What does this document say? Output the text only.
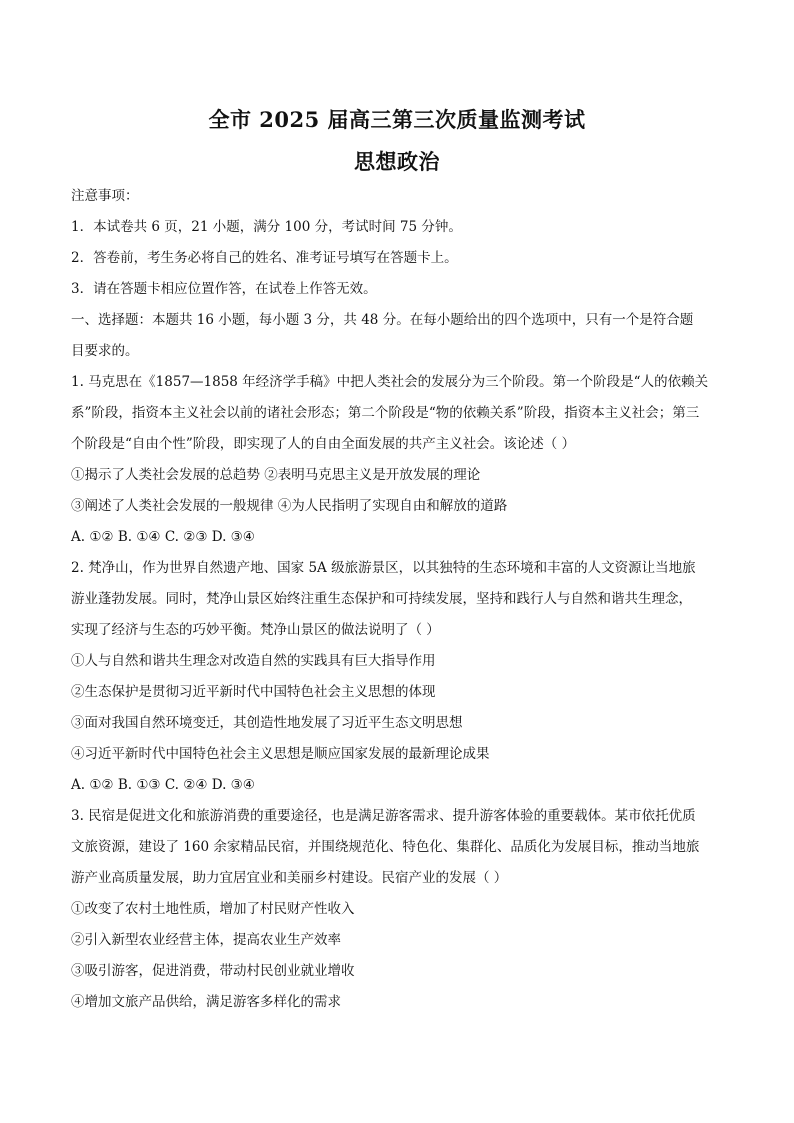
全市 2025 届高三第三次质量监测考试
思想政治
注意事项：
1．本试卷共 6 页，21 小题，满分 100 分，考试时间 75 分钟。
2．答卷前，考生务必将自己的姓名、准考证号填写在答题卡上。
3．请在答题卡相应位置作答，在试卷上作答无效。
一、选择题：本题共 16 小题，每小题 3 分，共 48 分。在每小题给出的四个选项中，只有一个是符合题
目要求的。
1. 马克思在《1857—1858 年经济学手稿》中把人类社会的发展分为三个阶段。第一个阶段是“人的依赖关
系”阶段，指资本主义社会以前的诸社会形态；第二个阶段是“物的依赖关系”阶段，指资本主义社会；第三
个阶段是“自由个性”阶段，即实现了人的自由全面发展的共产主义社会。该论述（ ）
①揭示了人类社会发展的总趋势 ②表明马克思主义是开放发展的理论
③阐述了人类社会发展的一般规律 ④为人民指明了实现自由和解放的道路
A. ①② B. ①④ C. ②③ D. ③④
2. 梵净山，作为世界自然遗产地、国家 5A 级旅游景区，以其独特的生态环境和丰富的人文资源让当地旅
游业蓬勃发展。同时，梵净山景区始终注重生态保护和可持续发展，坚持和践行人与自然和谐共生理念，
实现了经济与生态的巧妙平衡。梵净山景区的做法说明了（ ）
①人与自然和谐共生理念对改造自然的实践具有巨大指导作用
②生态保护是贯彻习近平新时代中国特色社会主义思想的体现
③面对我国自然环境变迁，其创造性地发展了习近平生态文明思想
④习近平新时代中国特色社会主义思想是顺应国家发展的最新理论成果
A. ①② B. ①③ C. ②④ D. ③④
3. 民宿是促进文化和旅游消费的重要途径，也是满足游客需求、提升游客体验的重要载体。某市依托优质
文旅资源，建设了 160 余家精品民宿，并围绕规范化、特色化、集群化、品质化为发展目标，推动当地旅
游产业高质量发展，助力宜居宜业和美丽乡村建设。民宿产业的发展（ ）
①改变了农村土地性质，增加了村民财产性收入
②引入新型农业经营主体，提高农业生产效率
③吸引游客，促进消费，带动村民创业就业增收
④增加文旅产品供给，满足游客多样化的需求
